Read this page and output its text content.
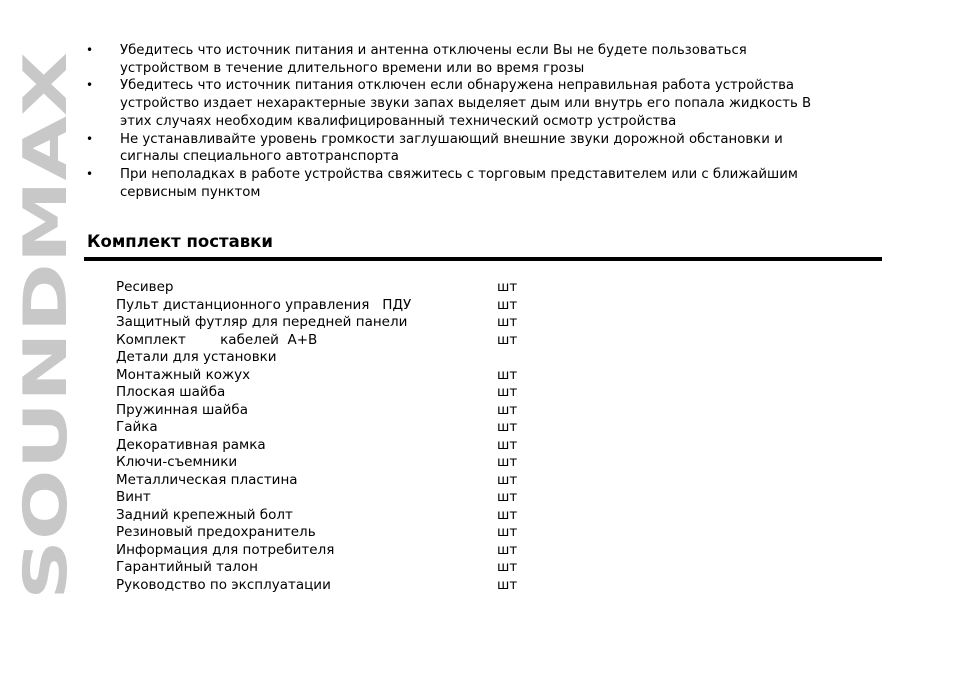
SOUNDMAX
• Убедитесь что источник питания и антенна отключены если Вы не будете пользоваться
устройством в течение длительного времени или во время грозы
• Убедитесь что источник питания отключен если обнаружена неправильная работа устройства
устройство издает нехарактерные звуки запах выделяет дым или внутрь его попала жидкость В
этих случаях необходим квалифицированный технический осмотр устройства
• Не устанавливайте уровень громкости заглушающий внешние звуки дорожной обстановки и
сигналы специального автотранспорта
• При неполадках в работе устройства свяжитесь с торговым представителем или с ближайшим
сервисным пунктом
Комплект поставки
Ресивер	шт
Пульт дистанционного управления   ПДУ	шт
Защитный футляр для передней панели	шт
Комплект        кабелей  А+В	шт
Детали для установки
Монтажный кожух	шт
Плоская шайба	шт
Пружинная шайба	шт
Гайка	шт
Декоративная рамка	шт
Ключи-съемники	шт
Металлическая пластина	шт
Винт	шт
Задний крепежный болт	шт
Резиновый предохранитель	шт
Информация для потребителя	шт
Гарантийный талон	шт
Руководство по эксплуатации	шт
